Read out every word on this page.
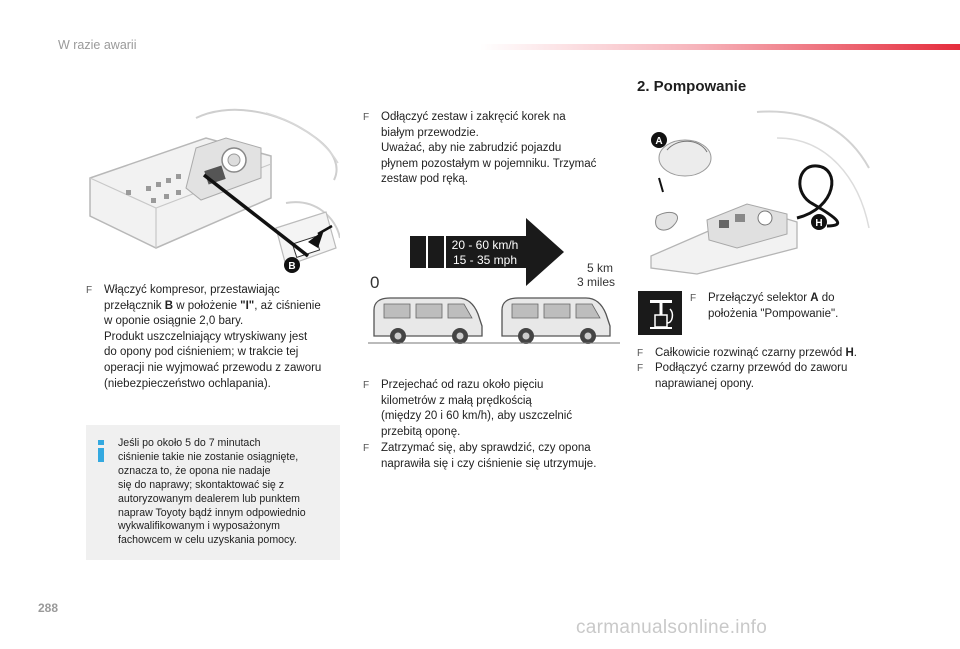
W razie awarii
B
F	Włączyć kompresor, przestawiając
przełącznik B w położenie "I", aż ciśnienie
w oponie osiągnie 2,0 bary.
Produkt uszczelniający wtryskiwany jest
do opony pod ciśnieniem; w trakcie tej
operacji nie wyjmować przewodu z zaworu
(niebezpieczeństwo ochlapania).
Jeśli po około 5 do 7 minutach
ciśnienie takie nie zostanie osiągnięte,
oznacza to, że opona nie nadaje
się do naprawy; skontaktować się z
autoryzowanym dealerem lub punktem
napraw Toyoty bądź innym odpowiednio
wykwalifikowanym i wyposażonym
fachowcem w celu uzyskania pomocy.
F	Odłączyć zestaw i zakręcić korek na
białym przewodzie.
Uważać, aby nie zabrudzić pojazdu
płynem pozostałym w pojemniku. Trzymać
zestaw pod ręką.
20 - 60 km/h
15 - 35 mph
0
5 km
3 miles
F	Przejechać od razu około pięciu
kilometrów z małą prędkością
(między 20 i 60 km/h), aby uszczelnić
przebitą oponę.
F	Zatrzymać się, aby sprawdzić, czy opona
naprawiła się i czy ciśnienie się utrzymuje.
2. Pompowanie
A
H
F	Przełączyć selektor A do
położenia "Pompowanie".
F	Całkowicie rozwinąć czarny przewód H.
F	Podłączyć czarny przewód do zaworu
naprawianej opony.
288
carmanualsonline.info
